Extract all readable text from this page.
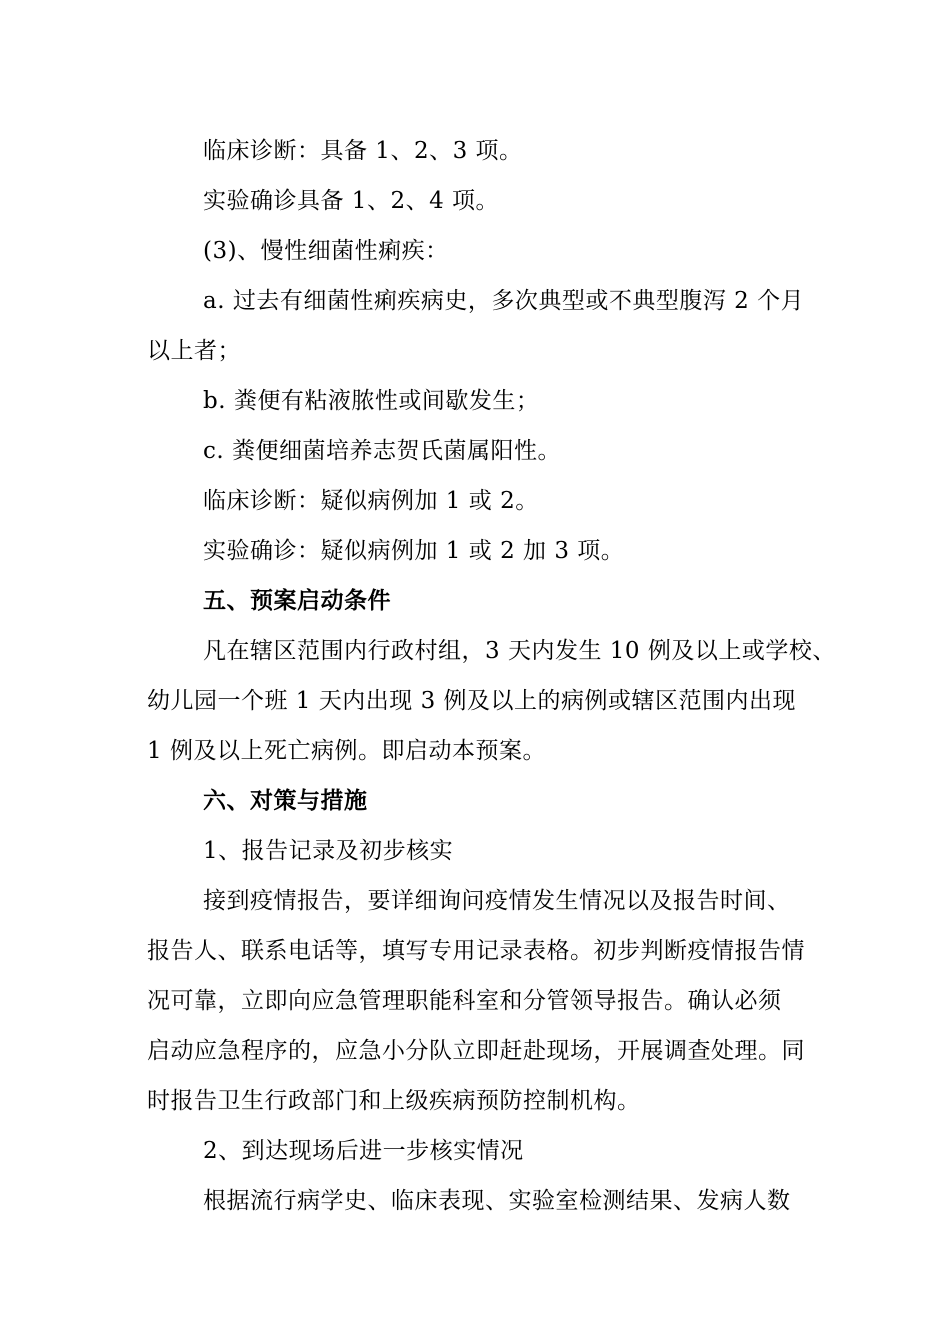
临床诊断：具备 1、2、3 项。
实验确诊具备 1、2、4 项。
(3)、慢性细菌性痢疾：
a. 过去有细菌性痢疾病史，多次典型或不典型腹泻 2 个月
以上者；
b. 粪便有粘液脓性或间歇发生；
c. 粪便细菌培养志贺氏菌属阳性。
临床诊断：疑似病例加 1 或 2。
实验确诊：疑似病例加 1 或 2 加 3 项。
五、预案启动条件
凡在辖区范围内行政村组，3 天内发生 10 例及以上或学校、
幼儿园一个班 1 天内出现 3 例及以上的病例或辖区范围内出现
1 例及以上死亡病例。即启动本预案。
六、对策与措施
1、报告记录及初步核实
接到疫情报告，要详细询问疫情发生情况以及报告时间、
报告人、联系电话等，填写专用记录表格。初步判断疫情报告情
况可靠，立即向应急管理职能科室和分管领导报告。确认必须
启动应急程序的，应急小分队立即赶赴现场，开展调查处理。同
时报告卫生行政部门和上级疾病预防控制机构。
2、到达现场后进一步核实情况
根据流行病学史、临床表现、实验室检测结果、发病人数
